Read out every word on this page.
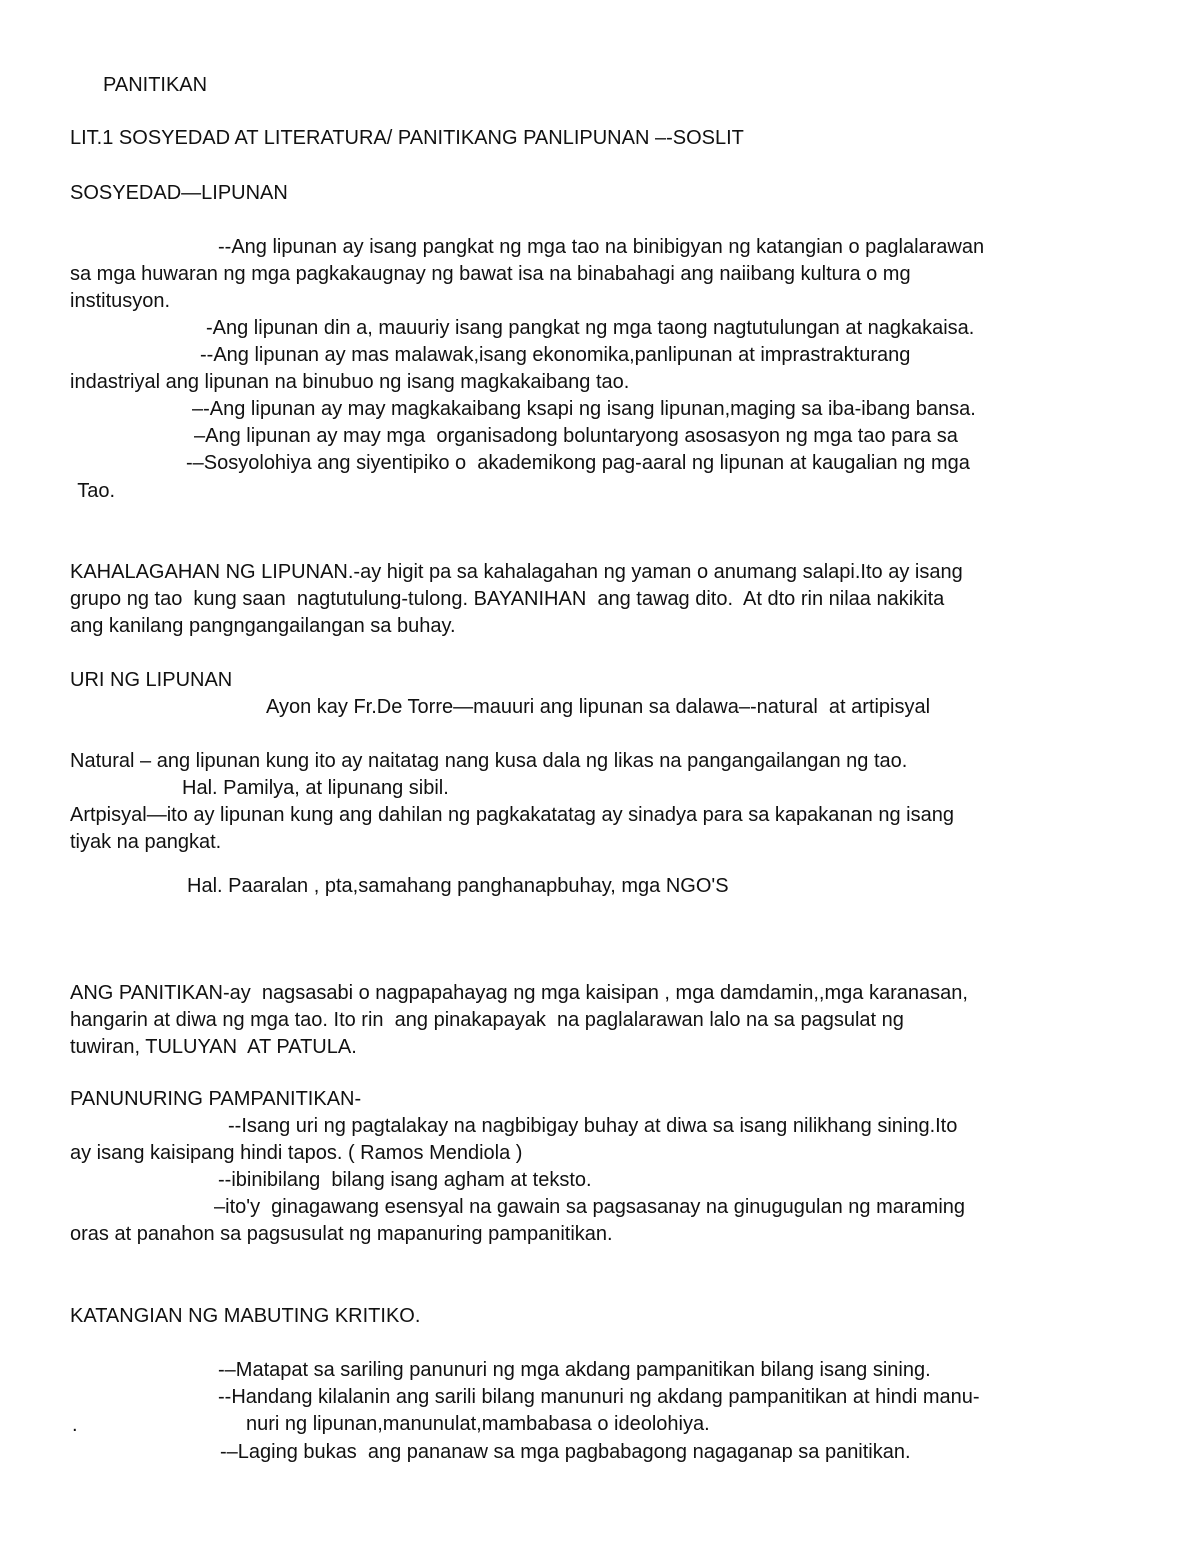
PANITIKAN
LIT.1 SOSYEDAD AT LITERATURA/ PANITIKANG PANLIPUNAN –-SOSLIT
SOSYEDAD—LIPUNAN
--Ang lipunan ay isang pangkat ng mga tao na binibigyan ng katangian o paglalarawan
sa mga huwaran ng mga pagkakaugnay ng bawat isa na binabahagi ang naiibang kultura o mg
institusyon.
-Ang lipunan din a, mauuriy isang pangkat ng mga taong nagtutulungan at nagkakaisa.
--Ang lipunan ay mas malawak,isang ekonomika,panlipunan at imprastrakturang
indastriyal ang lipunan na binubuo ng isang magkakaibang tao.
–-Ang lipunan ay may magkakaibang ksapi ng isang lipunan,maging sa iba-ibang bansa.
–Ang lipunan ay may mga  organisadong boluntaryong asosasyon ng mga tao para sa
-–Sosyolohiya ang siyentipiko o  akademikong pag-aaral ng lipunan at kaugalian ng mga
Tao.
KAHALAGAHAN NG LIPUNAN.-ay higit pa sa kahalagahan ng yaman o anumang salapi.Ito ay isang
grupo ng tao  kung saan  nagtutulung-tulong. BAYANIHAN  ang tawag dito.  At dto rin nilaa nakikita
ang kanilang pangngangailangan sa buhay.
URI NG LIPUNAN
Ayon kay Fr.De Torre—mauuri ang lipunan sa dalawa–-natural  at artipisyal
Natural – ang lipunan kung ito ay naitatag nang kusa dala ng likas na pangangailangan ng tao.
Hal. Pamilya, at lipunang sibil.
Artpisyal—ito ay lipunan kung ang dahilan ng pagkakatatag ay sinadya para sa kapakanan ng isang
tiyak na pangkat.
Hal. Paaralan , pta,samahang panghanapbuhay, mga NGO'S
ANG PANITIKAN-ay  nagsasabi o nagpapahayag ng mga kaisipan , mga damdamin,,mga karanasan,
hangarin at diwa ng mga tao. Ito rin  ang pinakapayak  na paglalarawan lalo na sa pagsulat ng
tuwiran, TULUYAN  AT PATULA.
PANUNURING PAMPANITIKAN-
--Isang uri ng pagtalakay na nagbibigay buhay at diwa sa isang nilikhang sining.Ito
ay isang kaisipang hindi tapos. ( Ramos Mendiola )
--ibinibilang  bilang isang agham at teksto.
–ito'y  ginagawang esensyal na gawain sa pagsasanay na ginugugulan ng maraming
oras at panahon sa pagsusulat ng mapanuring pampanitikan.
KATANGIAN NG MABUTING KRITIKO.
-–Matapat sa sariling panunuri ng mga akdang pampanitikan bilang isang sining.
--Handang kilalanin ang sarili bilang manunuri ng akdang pampanitikan at hindi manu-
.	nuri ng lipunan,manunulat,mambabasa o ideolohiya.
-–Laging bukas  ang pananaw sa mga pagbabagong nagaganap sa panitikan.
